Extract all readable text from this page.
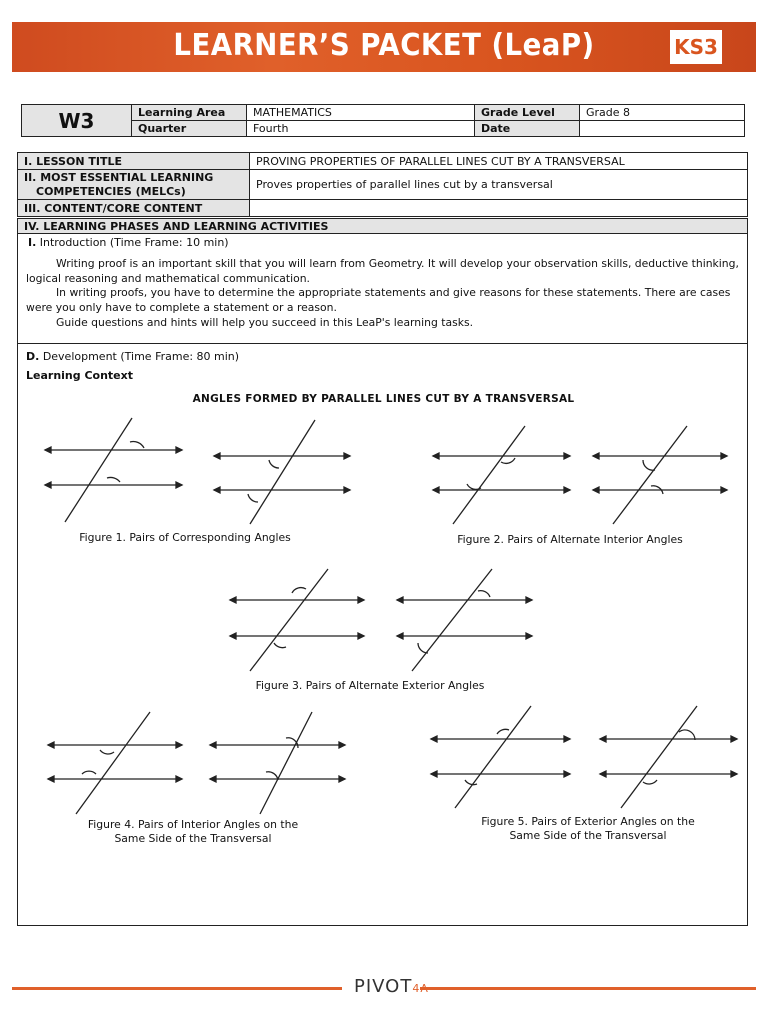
LEARNER’S PACKET (LeaP)	KS3
W3	Learning Area	MATHEMATICS	Grade Level	Grade 8
	Quarter	Fourth	Date	
I. LESSON TITLE	PROVING PROPERTIES OF PARALLEL LINES CUT BY A TRANSVERSAL

II. MOST ESSENTIAL LEARNING
COMPETENCIES (MELCs)	Proves properties of parallel lines cut by a transversal
III. CONTENT/CORE CONTENT	
IV. LEARNING PHASES AND LEARNING ACTIVITIES
I. Introduction (Time Frame: 10 min)
Writing proof is an important skill that you will learn from Geometry. It will develop your observation skills, deductive thinking, logical reasoning and mathematical communication.
In writing proofs, you have to determine the appropriate statements and give reasons for these statements. There are cases were you only have to complete a statement or a reason.
Guide questions and hints will help you succeed in this LeaP's learning tasks.
D. Development (Time Frame: 80 min)
Learning Context
ANGLES FORMED BY PARALLEL LINES CUT BY A TRANSVERSAL
Figure 1. Pairs of Corresponding Angles	Figure 2. Pairs of Alternate Interior Angles
Figure 3. Pairs of Alternate Exterior Angles
Figure 4. Pairs of Interior Angles on the
Same Side of the Transversal
Figure 5. Pairs of Exterior Angles on the
Same Side of the Transversal
PIVOT4A
